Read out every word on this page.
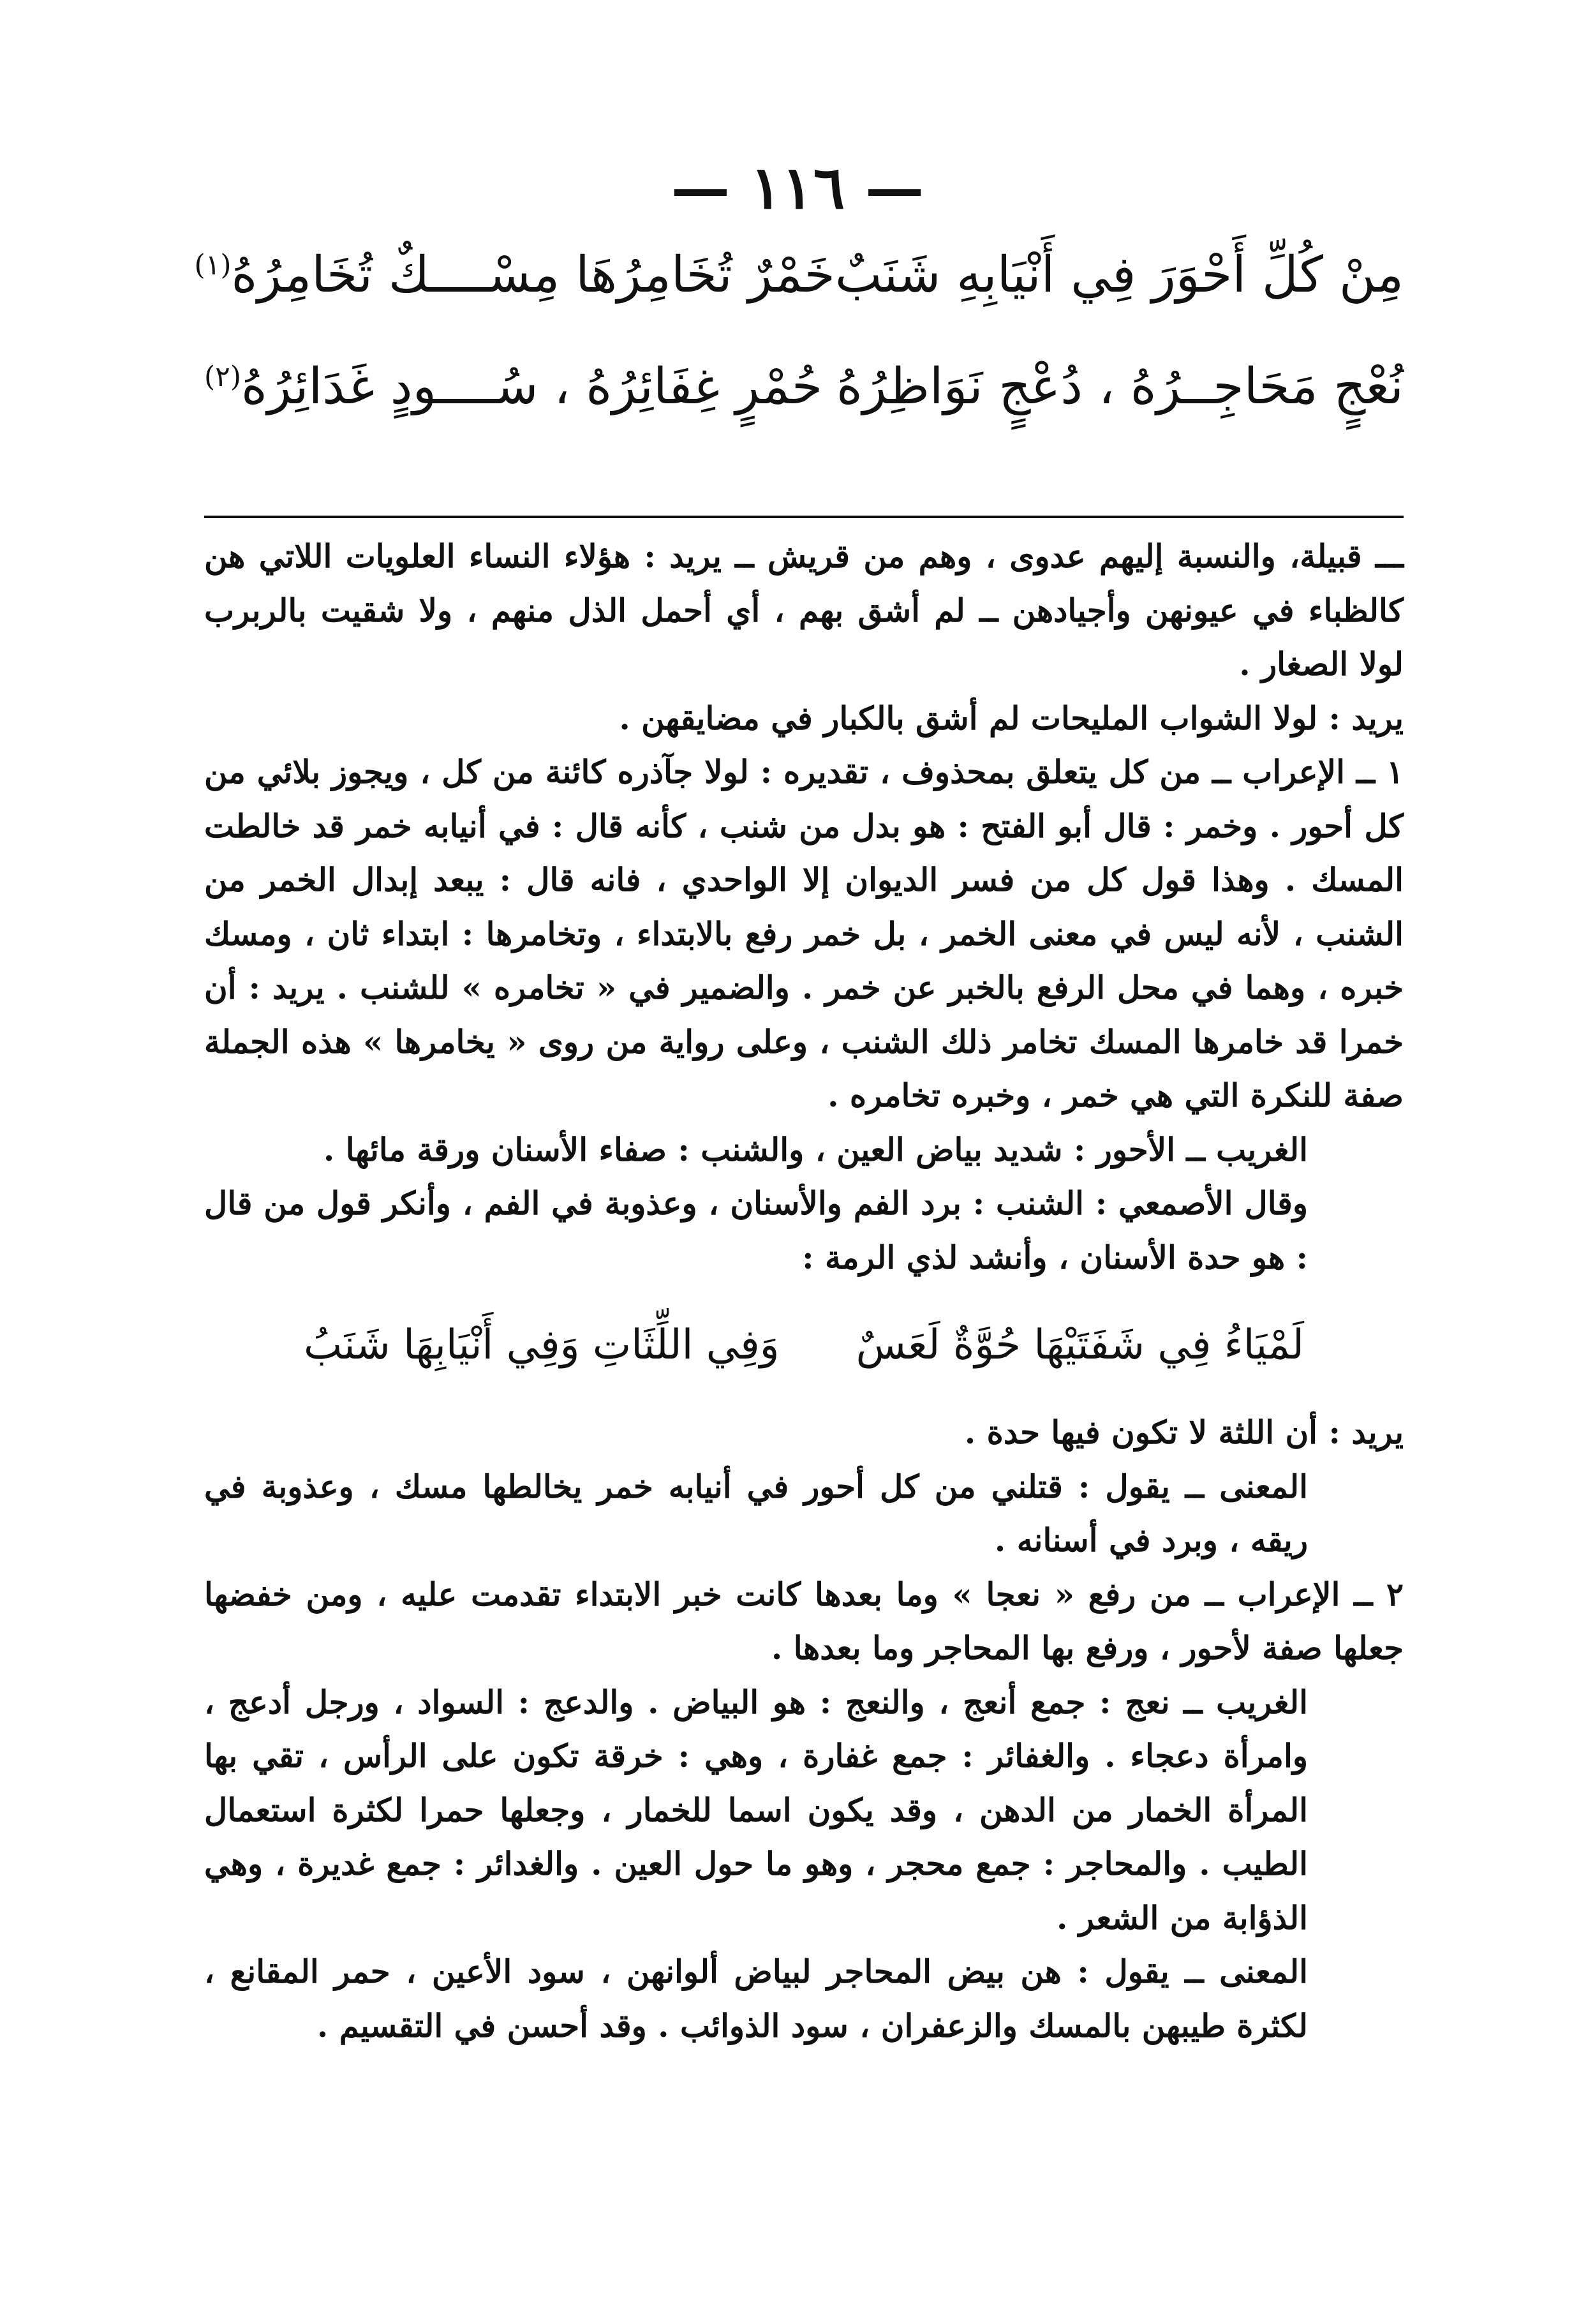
— ١١٦ —
مِنْ كُلِّ أَحْوَرَ فِي أَنْيَابِهِ شَنَبٌ
خَمْرٌ تُخَامِرُهَا مِسْــــكٌ تُخَامِرُهُ$^{(١)}$
نُعْجٍ مَحَاجِــرُهُ ، دُعْجٍ نَوَاظِرُهُ
حُمْرٍ غِفَائِرُهُ ، سُــــودٍ غَدَائِرُهُ$^{(٢)}$

ـــ قبيلة، والنسبة إليهم عدوى ، وهم من قريش ــ يريد : هؤلاء النساء العلويات اللاتي هن كالظباء في عيونهن وأجيادهن ــ لم أشق بهم ، أي أحمل الذل منهم ، ولا شقيت بالربرب لولا الصغار .

يريد : لولا الشواب المليحات لم أشق بالكبار في مضايقهن .

١ ــ الإعراب ــ من كل يتعلق بمحذوف ، تقديره : لولا جآذره كائنة من كل ، ويجوز بلائي من كل أحور . وخمر : قال أبو الفتح : هو بدل من شنب ، كأنه قال : في أنيابه خمر قد خالطت المسك . وهذا قول كل من فسر الديوان إلا الواحدي ، فانه قال : يبعد إبدال الخمر من الشنب ، لأنه ليس في معنى الخمر ، بل خمر رفع بالابتداء ، وتخامرها : ابتداء ثان ، ومسك خبره ، وهما في محل الرفع بالخبر عن خمر . والضمير في « تخامره » للشنب . يريد : أن خمرا قد خامرها المسك تخامر ذلك الشنب ، وعلى رواية من روى « يخامرها » هذه الجملة صفة للنكرة التي هي خمر ، وخبره تخامره .

الغريب ــ الأحور : شديد بياض العين ، والشنب : صفاء الأسنان ورقة مائها .

وقال الأصمعي : الشنب : برد الفم والأسنان ، وعذوبة في الفم ، وأنكر قول من قال : هو حدة الأسنان ، وأنشد لذي الرمة :

لَمْيَاءُ فِي شَفَتَيْهَا حُوَّةٌ لَعَسٌ
وَفِي اللِّثَاتِ وَفِي أَنْيَابِهَا شَنَبُ

يريد : أن اللثة لا تكون فيها حدة .

المعنى ــ يقول : قتلني من كل أحور في أنيابه خمر يخالطها مسك ، وعذوبة في ريقه ، وبرد في أسنانه .

٢ ــ الإعراب ــ من رفع « نعجا » وما بعدها كانت خبر الابتداء تقدمت عليه ، ومن خفضها جعلها صفة لأحور ، ورفع بها المحاجر وما بعدها .

الغريب ــ نعج : جمع أنعج ، والنعج : هو البياض . والدعج : السواد ، ورجل أدعج ، وامرأة دعجاء . والغفائر : جمع غفارة ، وهي : خرقة تكون على الرأس ، تقي بها المرأة الخمار من الدهن ، وقد يكون اسما للخمار ، وجعلها حمرا لكثرة استعمال الطيب . والمحاجر : جمع محجر ، وهو ما حول العين . والغدائر : جمع غديرة ، وهي الذؤابة من الشعر .

المعنى ــ يقول : هن بيض المحاجر لبياض ألوانهن ، سود الأعين ، حمر المقانع ، لكثرة طيبهن بالمسك والزعفران ، سود الذوائب . وقد أحسن في التقسيم .
